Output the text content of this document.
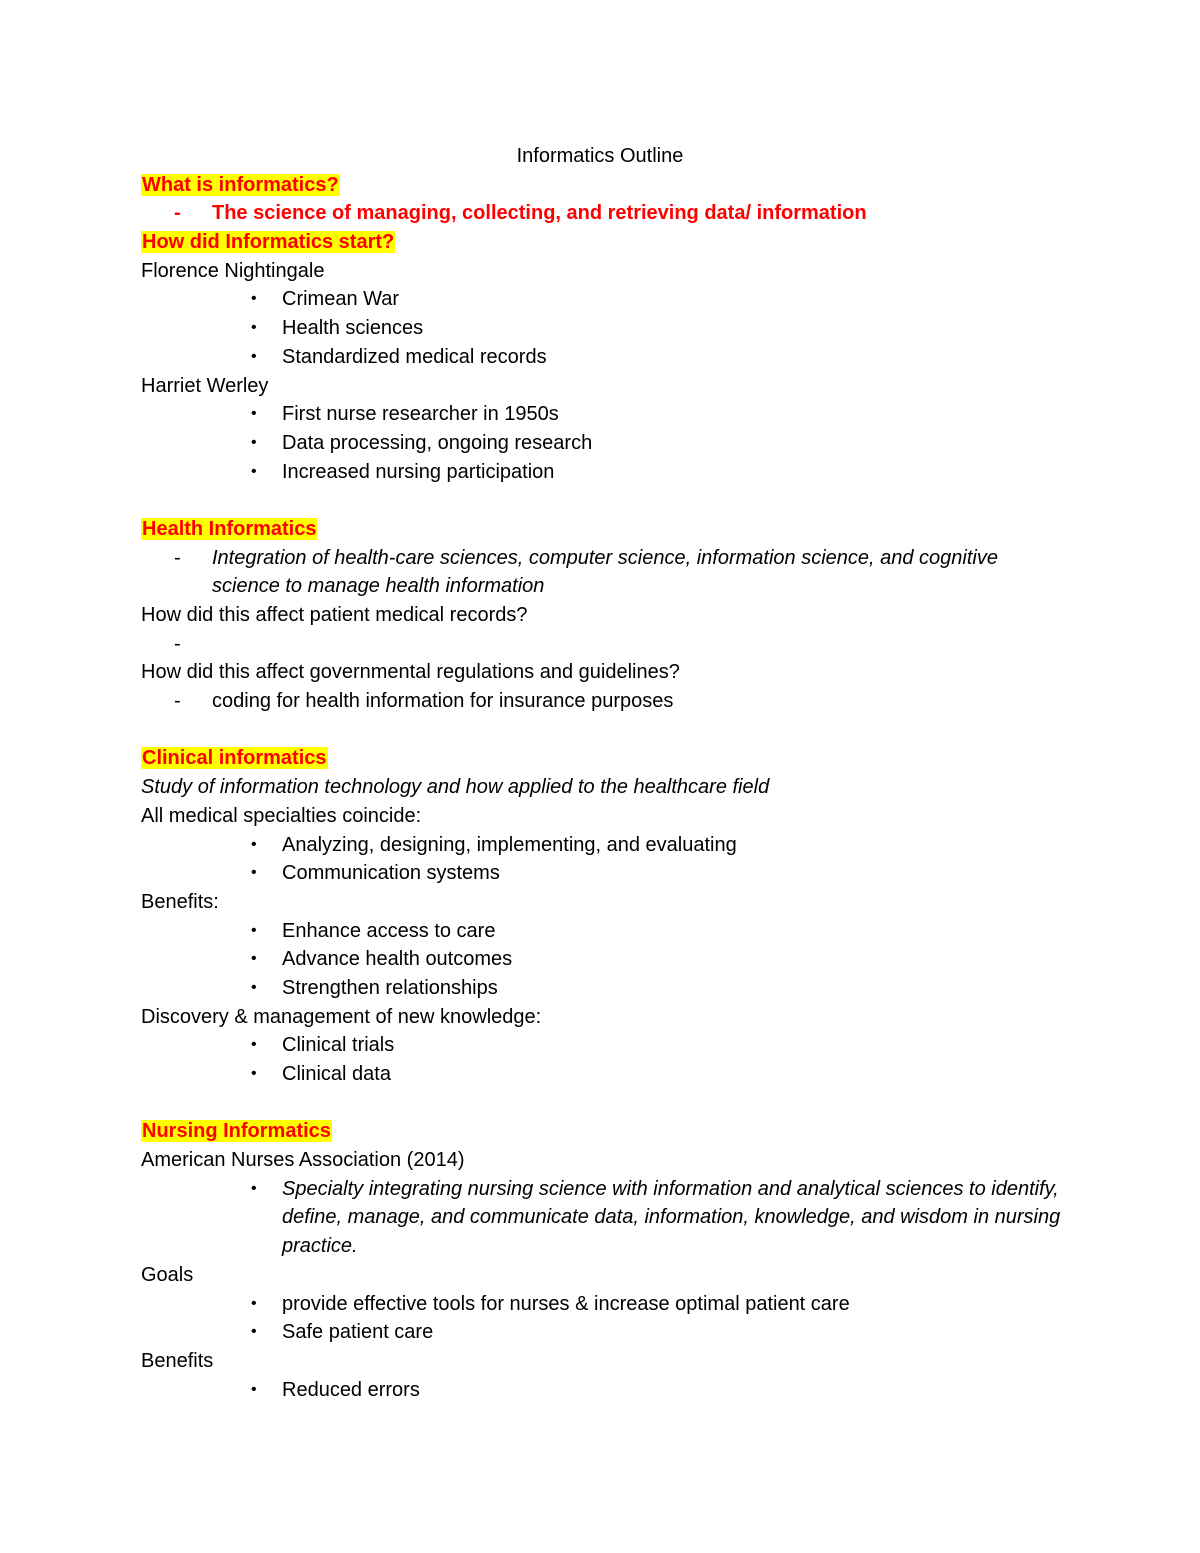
Informatics Outline
What is informatics?
- The science of managing, collecting, and retrieving data/ information
How did Informatics start?
Florence Nightingale
• Crimean War
• Health sciences
• Standardized medical records
Harriet Werley
• First nurse researcher in 1950s
• Data processing, ongoing research
• Increased nursing participation
Health Informatics
- Integration of health-care sciences, computer science, information science, and cognitive science to manage health information
How did this affect patient medical records?
-
How did this affect governmental regulations and guidelines?
- coding for health information for insurance purposes
Clinical informatics
Study of information technology and how applied to the healthcare field
All medical specialties coincide:
• Analyzing, designing, implementing, and evaluating
• Communication systems
Benefits:
• Enhance access to care
• Advance health outcomes
• Strengthen relationships
Discovery & management of new knowledge:
• Clinical trials
• Clinical data
Nursing Informatics
American Nurses Association (2014)
• Specialty integrating nursing science with information and analytical sciences to identify, define, manage, and communicate data, information, knowledge, and wisdom in nursing practice.
Goals
• provide effective tools for nurses & increase optimal patient care
• Safe patient care
Benefits
• Reduced errors
